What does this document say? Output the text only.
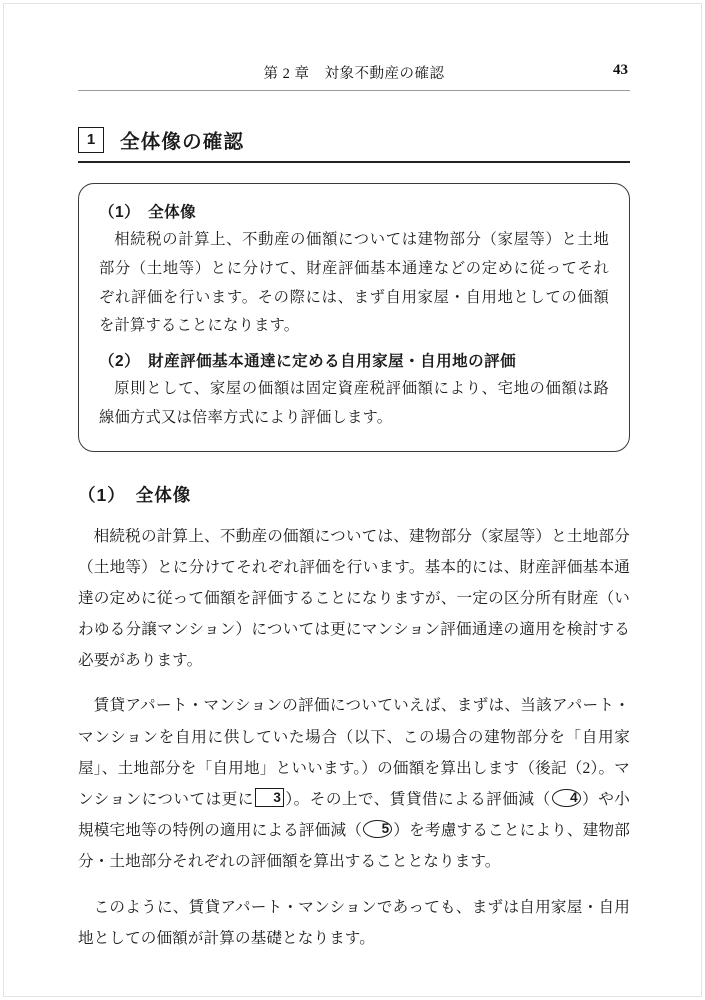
第 2 章　対象不動産の確認	43
1	全体像の確認
（1） 全体像

相続税の計算上、不動産の価額については建物部分（家屋等）と土地部分（土地等）とに分けて、財産評価基本通達などの定めに従ってそれぞれ評価を行います。その際には、まず自用家屋・自用地としての価額を計算することになります。

（2） 財産評価基本通達に定める自用家屋・自用地の評価

原則として、家屋の価額は固定資産税評価額により、宅地の価額は路線価方式又は倍率方式により評価します。

（1） 全体像

相続税の計算上、不動産の価額については、建物部分（家屋等）と土地部分（土地等）とに分けてそれぞれ評価を行います。基本的には、財産評価基本通達の定めに従って価額を評価することになりますが、一定の区分所有財産（いわゆる分譲マンション）については更にマンション評価通達の適用を検討する必要があります。

賃貸アパート・マンションの評価についていえば、まずは、当該アパート・マンションを自用に供していた場合（以下、この場合の建物部分を「自用家屋」、土地部分を「自用地」といいます。）の価額を算出します（後記（2）。マンションについては更に 3 ）。その上で、賃貸借による評価減（ 4 ）や小規模宅地等の特例の適用による評価減（ 5 ）を考慮することにより、建物部分・土地部分それぞれの評価額を算出することとなります。

このように、賃貸アパート・マンションであっても、まずは自用家屋・自用地としての価額が計算の基礎となります。
